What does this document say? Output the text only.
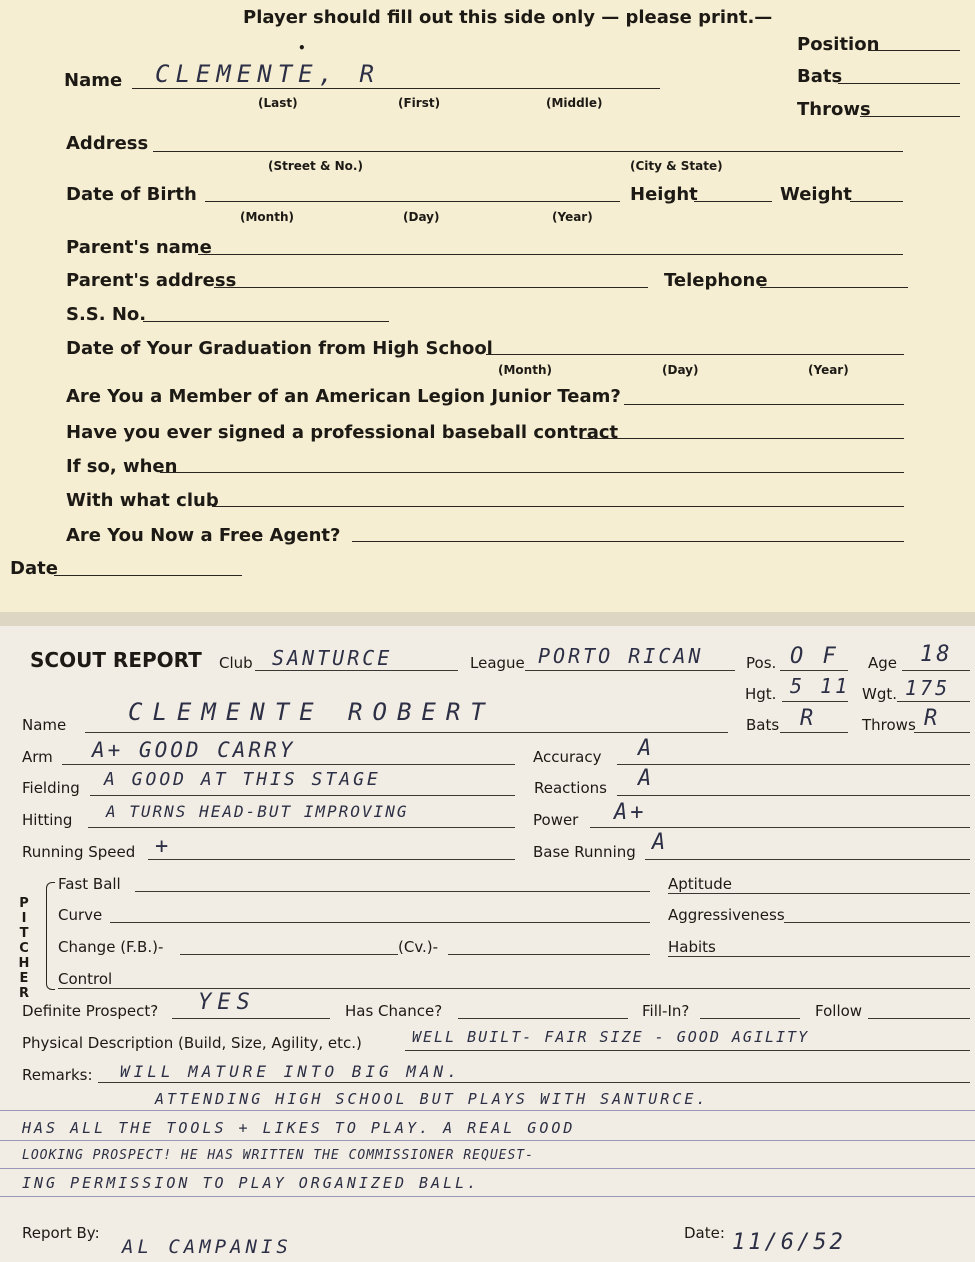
Player should fill out this side only — please print.—
•	Position
Bats
Throws
Name CLEMENTE, R
(Last)	(First)	(Middle)
Address
(Street & No.)	(City & State)
Date of Birth	Height	Weight
(Month)	(Day)	(Year)
Parent's name
Parent's address	Telephone
S.S. No.
Date of Your Graduation from High School
(Month)	(Day)	(Year)
Are You a Member of an American Legion Junior Team?
Have you ever signed a professional baseball contract
If so, when
With what club
Are You Now a Free Agent?
Date
SCOUT REPORT Club SANTURCE	League PORTO RICAN	Pos. O F Age 18
Hgt. 5 11 Wgt. 175
Name	CLEMENTE ROBERT	Bats R	Throws R
Arm A+ GOOD CARRY	Accuracy A
Fielding A GOOD AT THIS STAGE	Reactions A
Hitting A TURNS HEAD-BUT IMPROVING	Power A+
Running Speed +	Base Running A
P
I
T
C
H
E
R
Fast Ball	Aptitude
Curve	Aggressiveness
Change (F.B.)-	(Cv.)-	Habits
Control
Definite Prospect? YES	Has Chance?	Fill-In?	Follow
Physical Description (Build, Size, Agility, etc.)	WELL BUILT- FAIR SIZE - GOOD AGILITY
Remarks: WILL MATURE INTO BIG MAN.
ATTENDING HIGH SCHOOL BUT PLAYS WITH SANTURCE.
HAS ALL THE TOOLS + LIKES TO PLAY. A REAL GOOD
LOOKING PROSPECT! HE HAS WRITTEN THE COMMISSIONER REQUEST-
ING PERMISSION TO PLAY ORGANIZED BALL.
Report By:
AL CAMPANIS
Date: 11/6/52
